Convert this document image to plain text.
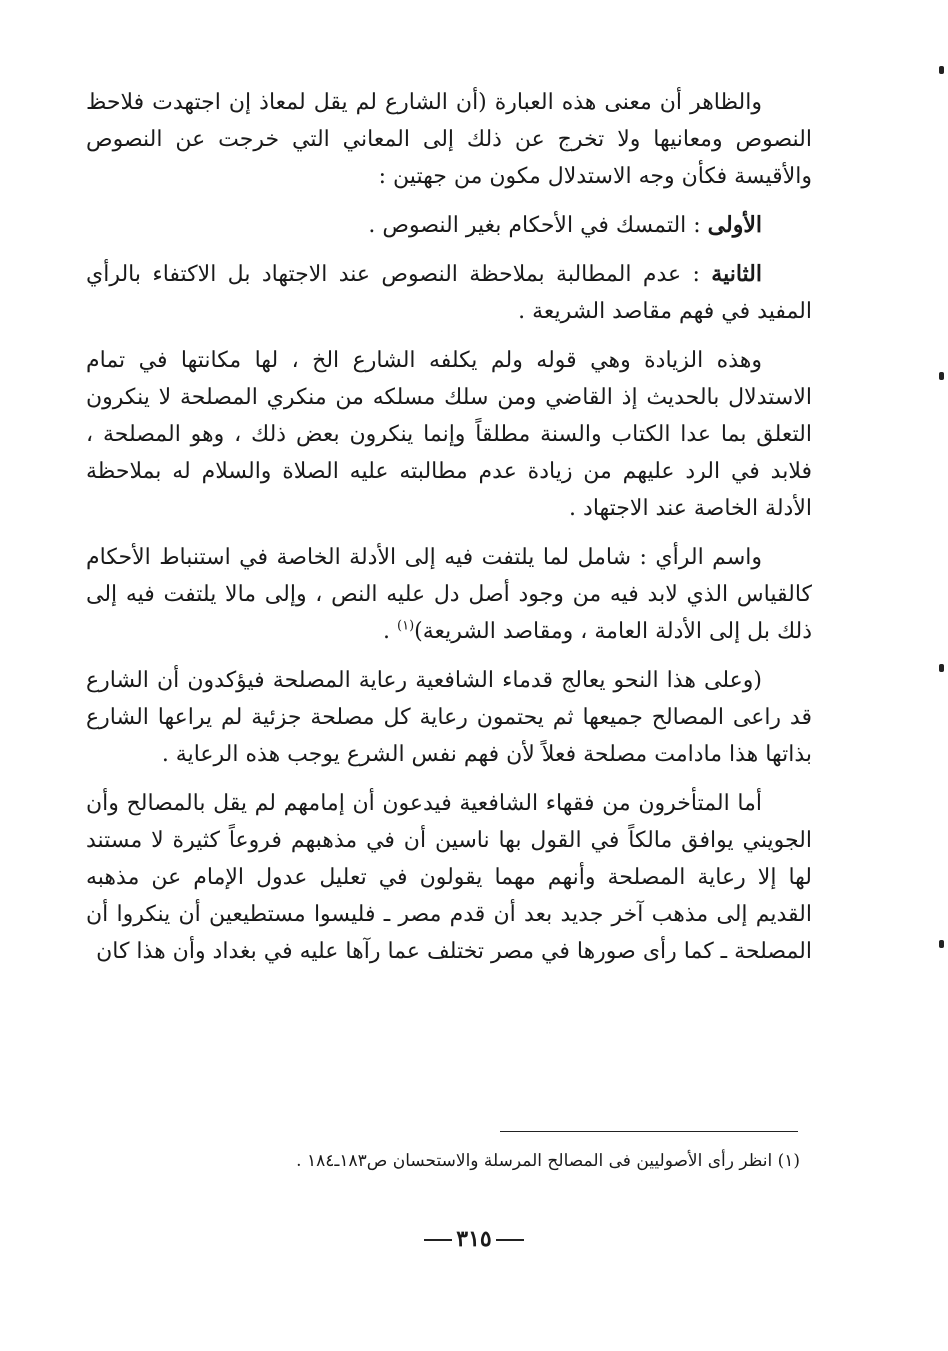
والظاهر أن معنى هذه العبارة (أن الشارع لم يقل لمعاذ إن اجتهدت فلاحظ النصوص ومعانيها ولا تخرج عن ذلك إلى المعاني التي خرجت عن النصوص والأقيسة فكأن وجه الاستدلال مكون من جهتين :

الأولى : التمسك في الأحكام بغير النصوص .

الثانية : عدم المطالبة بملاحظة النصوص عند الاجتهاد بل الاكتفاء بالرأي المفيد في فهم مقاصد الشريعة .

وهذه الزيادة وهي قوله ولم يكلفه الشارع الخ ، لها مكانتها في تمام الاستدلال بالحديث إذ القاضي ومن سلك مسلكه من منكري المصلحة لا ينكرون التعلق بما عدا الكتاب والسنة مطلقاً وإنما ينكرون بعض ذلك ، وهو المصلحة ، فلابد في الرد عليهم من زيادة عدم مطالبته عليه الصلاة والسلام له بملاحظة الأدلة الخاصة عند الاجتهاد .

واسم الرأي : شامل لما يلتفت فيه إلى الأدلة الخاصة في استنباط الأحكام كالقياس الذي لابد فيه من وجود أصل دل عليه النص ، وإلى مالا يلتفت فيه إلى ذلك بل إلى الأدلة العامة ، ومقاصد الشريعة)$^{(١)}$ .

(وعلى هذا النحو يعالج قدماء الشافعية رعاية المصلحة فيؤكدون أن الشارع قد راعى المصالح جميعها ثم يحتمون رعاية كل مصلحة جزئية لم يراعها الشارع بذاتها هذا مادامت مصلحة فعلاً لأن فهم نفس الشرع يوجب هذه الرعاية .

أما المتأخرون من فقهاء الشافعية فيدعون أن إمامهم لم يقل بالمصالح وأن الجويني يوافق مالكاً في القول بها ناسين أن في مذهبهم فروعاً كثيرة لا مستند لها إلا رعاية المصلحة وأنهم مهما يقولون في تعليل عدول الإمام عن مذهبه القديم إلى مذهب آخر جديد بعد أن قدم مصر ـ فليسوا مستطيعين أن ينكروا أن المصلحة ـ كما رأى صورها في مصر تختلف عما رآها عليه في بغداد وأن هذا كان

(١) انظر رأى الأصوليين فى المصالح المرسلة والاستحسان ص١٨٣ـ١٨٤ .
٣١٥
